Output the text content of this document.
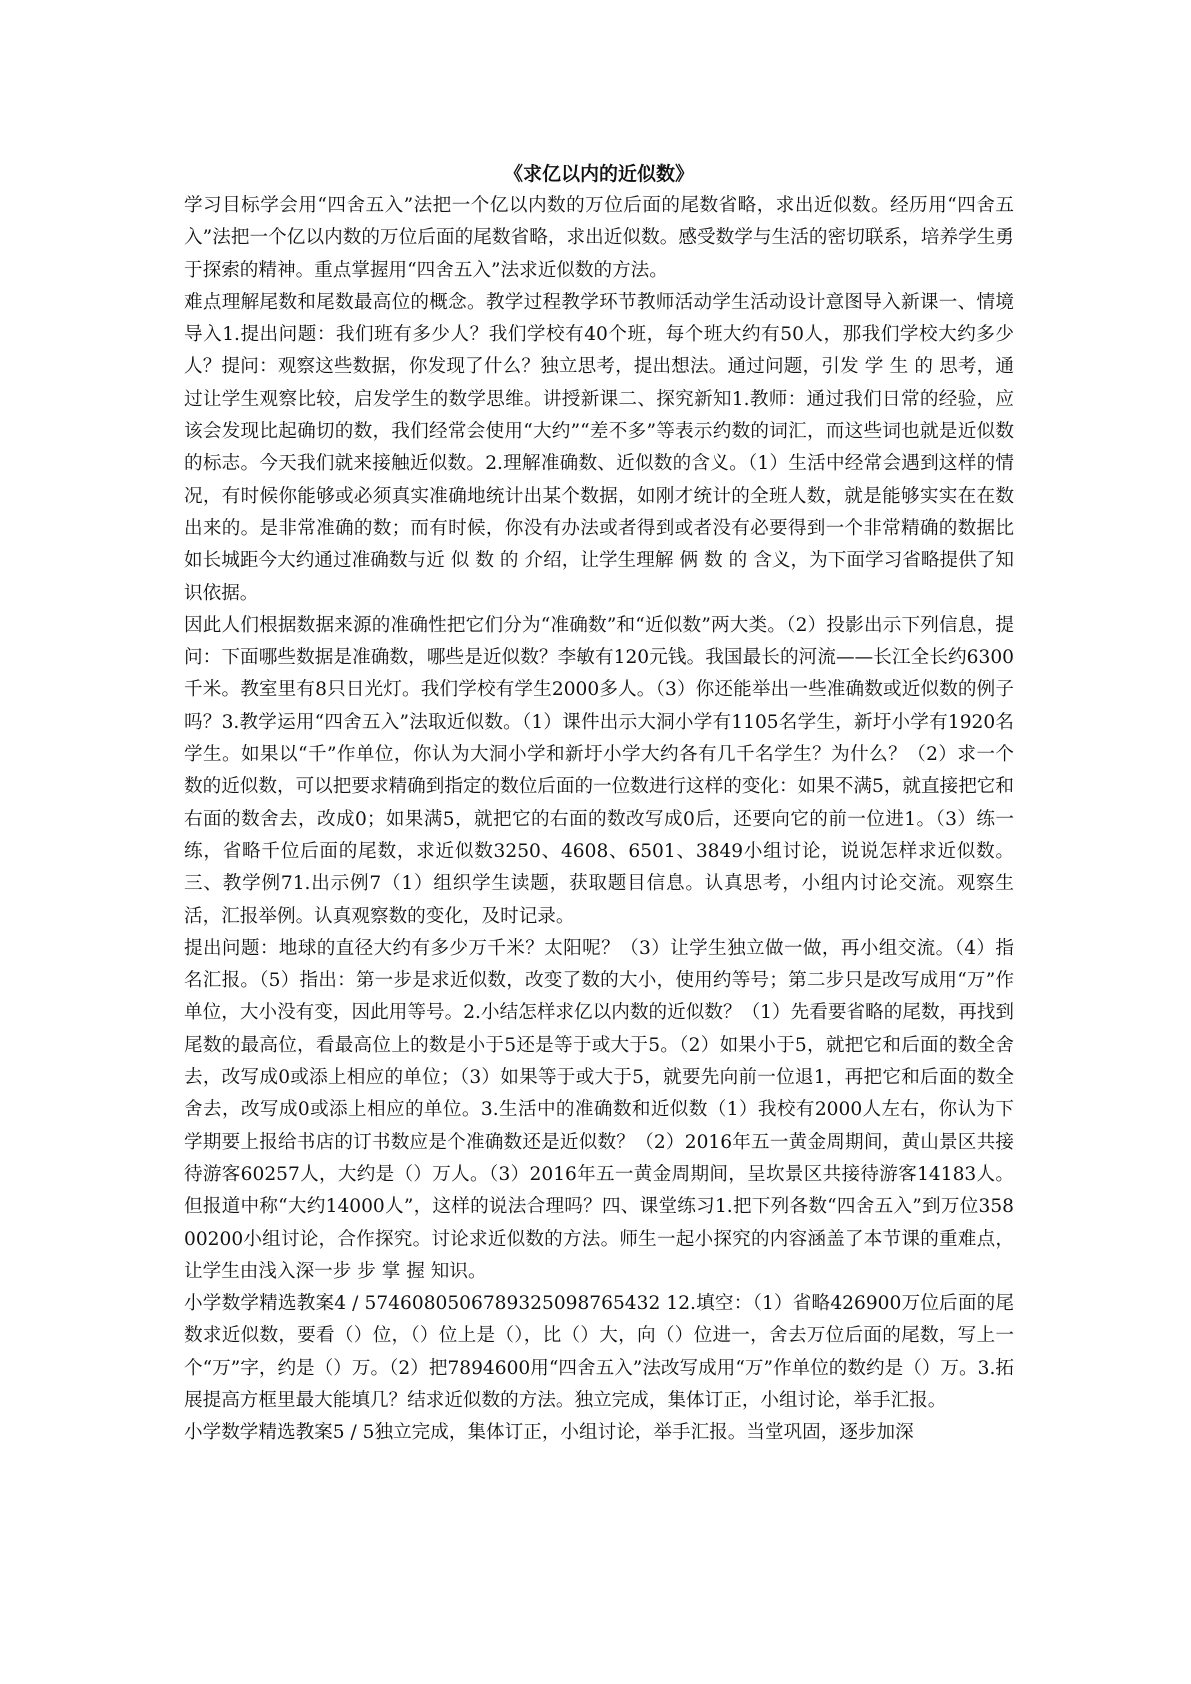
《求亿以内的近似数》

学习目标学会用“四舍五入”法把一个亿以内数的万位后面的尾数省略，求出近似数。经历用“四舍五入”法把一个亿以内数的万位后面的尾数省略，求出近似数。感受数学与生活的密切联系，培养学生勇于探索的精神。重点掌握用“四舍五入”法求近似数的方法。

难点理解尾数和尾数最高位的概念。教学过程教学环节教师活动学生活动设计意图导入新课一、情境导入1.提出问题：我们班有多少人？我们学校有40个班，每个班大约有50人，那我们学校大约多少人？提问：观察这些数据，你发现了什么？独立思考，提出想法。通过问题，引发 学 生 的 思考，通过让学生观察比较，启发学生的数学思维。讲授新课二、探究新知1.教师：通过我们日常的经验，应该会发现比起确切的数，我们经常会使用“大约”“差不多”等表示约数的词汇，而这些词也就是近似数的标志。今天我们就来接触近似数。2.理解准确数、近似数的含义。（1）生活中经常会遇到这样的情况，有时候你能够或必须真实准确地统计出某个数据，如刚才统计的全班人数，就是能够实实在在数出来的。是非常准确的数；而有时候，你没有办法或者得到或者没有必要得到一个非常精确的数据比如长城距今大约通过准确数与近 似 数 的 介绍，让学生理解 俩 数 的 含义，为下面学习省略提供了知识依据。

因此人们根据数据来源的准确性把它们分为“准确数”和“近似数”两大类。（2）投影出示下列信息，提问：下面哪些数据是准确数，哪些是近似数？李敏有120元钱。我国最长的河流——长江全长约6300千米。教室里有8只日光灯。我们学校有学生2000多人。（3）你还能举出一些准确数或近似数的例子吗？3.教学运用“四舍五入”法取近似数。（1）课件出示大洞小学有1105名学生，新圩小学有1920名学生。如果以“千”作单位，你认为大洞小学和新圩小学大约各有几千名学生？为什么？（2）求一个数的近似数，可以把要求精确到指定的数位后面的一位数进行这样的变化：如果不满5，就直接把它和右面的数舍去，改成0；如果满5，就把它的右面的数改写成0后，还要向它的前一位进1。（3）练一练，省略千位后面的尾数，求近似数3250、4608、6501、3849小组讨论，说说怎样求近似数。三、教学例71.出示例7（1）组织学生读题，获取题目信息。认真思考，小组内讨论交流。观察生活，汇报举例。认真观察数的变化，及时记录。

提出问题：地球的直径大约有多少万千米？太阳呢？（3）让学生独立做一做，再小组交流。（4）指名汇报。（5）指出：第一步是求近似数，改变了数的大小，使用约等号；第二步只是改写成用“万”作单位，大小没有变，因此用等号。2.小结怎样求亿以内数的近似数？（1）先看要省略的尾数，再找到尾数的最高位，看最高位上的数是小于5还是等于或大于5。（2）如果小于5，就把它和后面的数全舍去，改写成0或添上相应的单位；（3）如果等于或大于5，就要先向前一位退1，再把它和后面的数全舍去，改写成0或添上相应的单位。3.生活中的准确数和近似数（1）我校有2000人左右，你认为下学期要上报给书店的订书数应是个准确数还是近似数？（2）2016年五一黄金周期间，黄山景区共接待游客60257人，大约是（）万人。（3）2016年五一黄金周期间，呈坎景区共接待游客14183人。但报道中称“大约14000人”，这样的说法合理吗？四、课堂练习1.把下列各数“四舍五入”到万位35800200小组讨论，合作探究。讨论求近似数的方法。师生一起小探究的内容涵盖了本节课的重难点，让学生由浅入深一步 步 掌 握 知识。

小学数学精选教案4 / 5746080506789325098765432 12.填空：（1）省略426900万位后面的尾数求近似数，要看（）位，（）位上是（），比（）大，向（）位进一，舍去万位后面的尾数，写上一个“万”字，约是（）万。（2）把7894600用“四舍五入”法改写成用“万”作单位的数约是（）万。3.拓展提高方框里最大能填几？结求近似数的方法。独立完成，集体订正，小组讨论，举手汇报。

小学数学精选教案5 / 5独立完成，集体订正，小组讨论，举手汇报。当堂巩固，逐步加深
